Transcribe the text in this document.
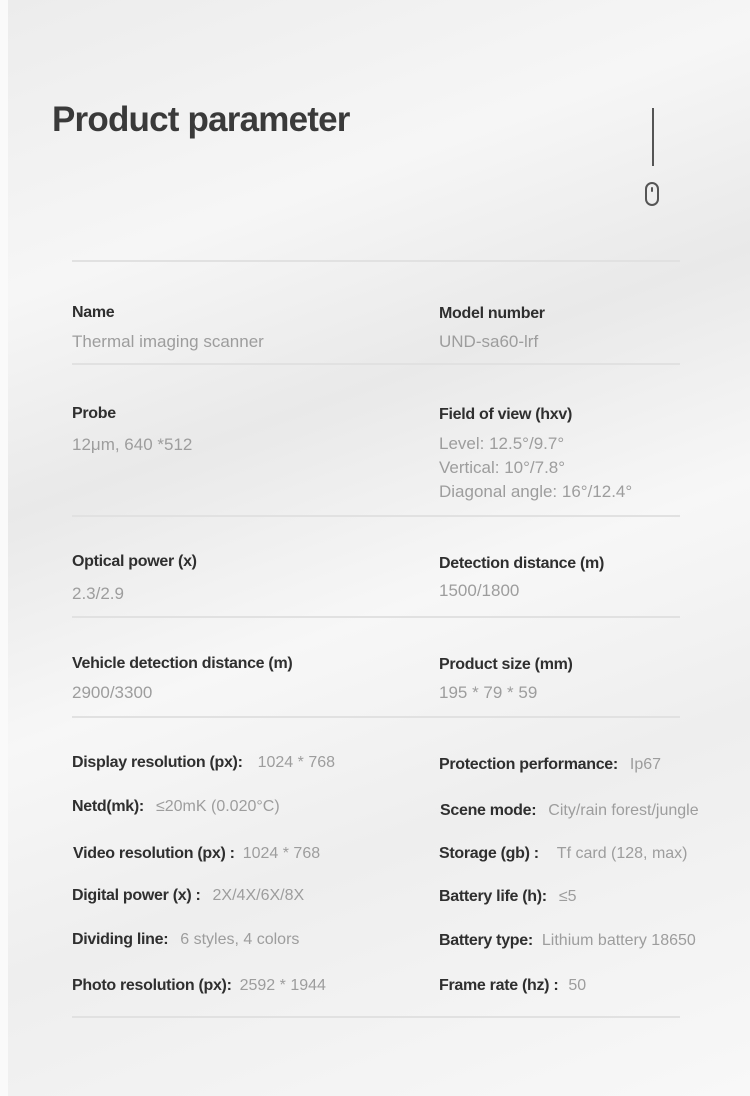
Product parameter
Name
Thermal imaging scanner
Model number
UND-sa60-lrf
Probe
12μm, 640 *512
Field of view (hxv)
Level: 12.5°/9.7°
Vertical: 10°/7.8°
Diagonal angle: 16°/12.4°
Optical power (x)
2.3/2.9
Detection distance (m)
1500/1800
Vehicle detection distance (m)
2900/3300
Product size (mm)
195 * 79 * 59
Display resolution (px): 1024 * 768
Netd(mk): ≤20mK (0.020°C)
Video resolution (px) : 1024 * 768
Digital power (x) : 2X/4X/6X/8X
Dividing line: 6 styles, 4 colors
Photo resolution (px): 2592 * 1944
Protection performance: Ip67
Scene mode: City/rain forest/jungle
Storage (gb) : Tf card (128, max)
Battery life (h): ≤5
Battery type: Lithium battery 18650
Frame rate (hz) : 50
